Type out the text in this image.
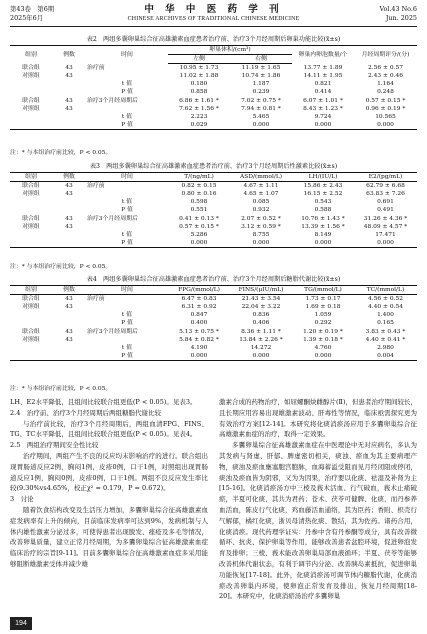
第43卷　第6期
2025年6月
中 华 中 医 药 学 刊
CHINESE ARCHIVES OF TRADITIONAL CHINESE MEDICINE
Vol.43 No.6
Jun. 2025
表2　两组多囊卵巢综合征高雄激素血症患者治疗前、治疗3个月经周期后卵巢功能比较(x̄±s)
组别	例数	时间	卵巢体积/(cm³)		卵巢内卵泡数量/个	月经周期评分/(分)
			左侧	右侧		
联合组	43	治疗前	10.95 ± 1.73	11.19 ± 1.65	13.77 ± 1.89	2.56 ± 0.57
对照组	43		11.02 ± 1.88	10.74 ± 1.86	14.11 ± 1.95	2.43 ± 0.46
		t 值	0.180	1.187	0.821	1.164
		P 值	0.858	0.239	0.414	0.248
联合组	43	治疗3个月经周期后	6.86 ± 1.61 *	7.02 ± 0.75 *	6.07 ± 1.01 *	0.57 ± 0.15 *
对照组	43		7.62 ± 1.56 *	7.94 ± 0.81 *	8.43 ± 1.23 *	0.96 ± 0.19 *
		t 值	2.223	5.465	9.724	10.565
		P 值	0.029	0.000	0.000	0.000
注：* 与本组治疗前比较，P < 0.05。
表3　两组多囊卵巢综合征高雄激素血症患者治疗前、治疗3个月经周期后性激素比较(x̄±s)
组别	例数	时间	T/(ng/mL)	ASD/(mmol/L)	LH/(IU/L)	E2/(pg/mL)
联合组	43	治疗前	0.82 ± 0.15	4.67 ± 1.11	15.86 ± 2.43	62.79 ± 6.68
对照组	43		0.80 ± 0.16	4.65 ± 1.07	16.15 ± 2.52	63.83 ± 7.26
		t 值	0.598	0.085	0.543	0.691
		P 值	0.551	0.932	0.588	0.491
联合组	43	治疗3个月经周期后	0.41 ± 0.13 *	2.07 ± 0.52 *	10.76 ± 1.43 *	31.26 ± 4.36 *
对照组	43		0.57 ± 0.15 *	3.12 ± 0.59 *	13.39 ± 1.56 *	48.09 ± 4.57 *
		t 值	5.286	8.755	8.149	17.471
		P 值	0.000	0.000	0.000	0.000
注：* 与本组治疗前比较，P < 0.05。
表4　两组多囊卵巢综合征高雄激素血症患者治疗前、治疗3个月经周期后糖脂代谢比较(x̄±s)
组别	例数	时间	FPG/(mmol/L)	FINS/(μIU/mL)	TG/(mmol/L)	TC/(mmol/L)
联合组	43	治疗前	6.47 ± 0.83	21.43 ± 3.54	1.73 ± 0.17	4.56 ± 0.52
对照组	43		6.31 ± 0.92	22.04 ± 3.22	1.69 ± 0.18	4.40 ± 0.54
		t 值	0.847	0.836	1.059	1.400
		P 值	0.400	0.406	0.292	0.165
联合组	43	治疗3个月经周期后	5.13 ± 0.75 *	8.36 ± 1.11 *	1.20 ± 0.19 *	3.83 ± 0.43 *
对照组	43		5.84 ± 0.82 *	13.84 ± 2.26 *	1.39 ± 0.18 *	4.40 ± 0.41 *
		t 值	4.190	14.272	4.760	2.980
		P 值	0.000	0.000	0.000	0.004
注：* 与本组治疗前比较，P < 0.05。

LH、E2水平降低，且组间比较联合组更低(P < 0.05)。见表3。

2.4　治疗前、治疗3个月经周期后两组糖脂代谢比较

与治疗前比较，治疗3个月经周期后，两组血清FPG、FINS、TG、TC水平降低，且组间比较联合组更低(P < 0.05)。见表4。

2.5　两组治疗期间安全性比较

治疗期间，两组产生不良的反应均未影响治疗的进行。联合组出现胃肠道反应2例，胸闷1例，皮疹0例，口干1例，对照组出现胃肠道反应1例，胸闷0例，皮疹0例，口干1例。两组不良反应发生率比较(9.30%vs4.65%，校正χ² = 0.179，P = 0.672)。

3　讨论

随着饮食结构改变及生活压力增加，多囊卵巢综合征高雄激素血症发病率有上升的倾向，目前临床发病率可达到9%，发病机制与人体内雄性激素分泌过多，可使得患者出现脱发、痤疮及多毛等情况，改善卵巢质量，建立正常月经周期，为多囊卵巢综合征高雄激素血症临床治疗的宗旨[9-11]。目前多囊卵巢综合征高雄激素血症多采用能够阻断雄激素受体并减少雄

激素合成的药物治疗，如屈螺酮炔雌醇片(Ⅱ)，但患者治疗期间较长，且长期应用容易出现雄激素波动、肝毒性等情况，临床亟需探究更为有效治疗方案[12-14]。本研究将化痰消瘀汤应用于多囊卵巢综合征高雄激素血症的治疗，取得一定效果。

多囊卵巢综合征高雄激素血症在中医理论中无对应病名，多认为其发病与肾虚、肝郁、脾虚密切相关，痰浊、瘀血为其主要病理产物，痰浊及瘀血壅塞胞宫胞脉，血海蓄溢受阻而见月经闭阻或停闭，痰浊及瘀血皆为阴邪，又为为因果，治疗要以化痰、祛湿及补肾为主[15-16]。化痰消瘀汤方中三棱及莪术活血、行气破血，莪术止痛破瘀，半夏可化痰，其共为君药；苍术、茯苓可健脾、化痰，而丹参养血活血，陈皮行气化痰，鸡血藤活血通络，其为臣药；香附、枳壳行气解郁，橘红化痰，浙贝母清热化痰、散结，其为佐药。诸药合用，化痰消瘀。现代药理学证实：丹参中含有丹参酮等成分，具有改善微循环、抗炎、保护卵巢等作用，能够改善患者盆腔环境，促进卵泡发育及排卵；三棱、莪术能改善卵巢局部血液循环；半夏、茯苓等能够改善机体代谢状态，有利于调节内分泌、改善胰岛素抵抗，促进卵巢功能恢复[17-18]。此外，化痰消瘀汤可调节体内糖脂代谢，化痰消瘀改善卵巢内环境，使卵泡正常发育及排出，恢复月经周期[18-20]。本研究中，化痰消瘀汤治疗多囊卵巢

194
